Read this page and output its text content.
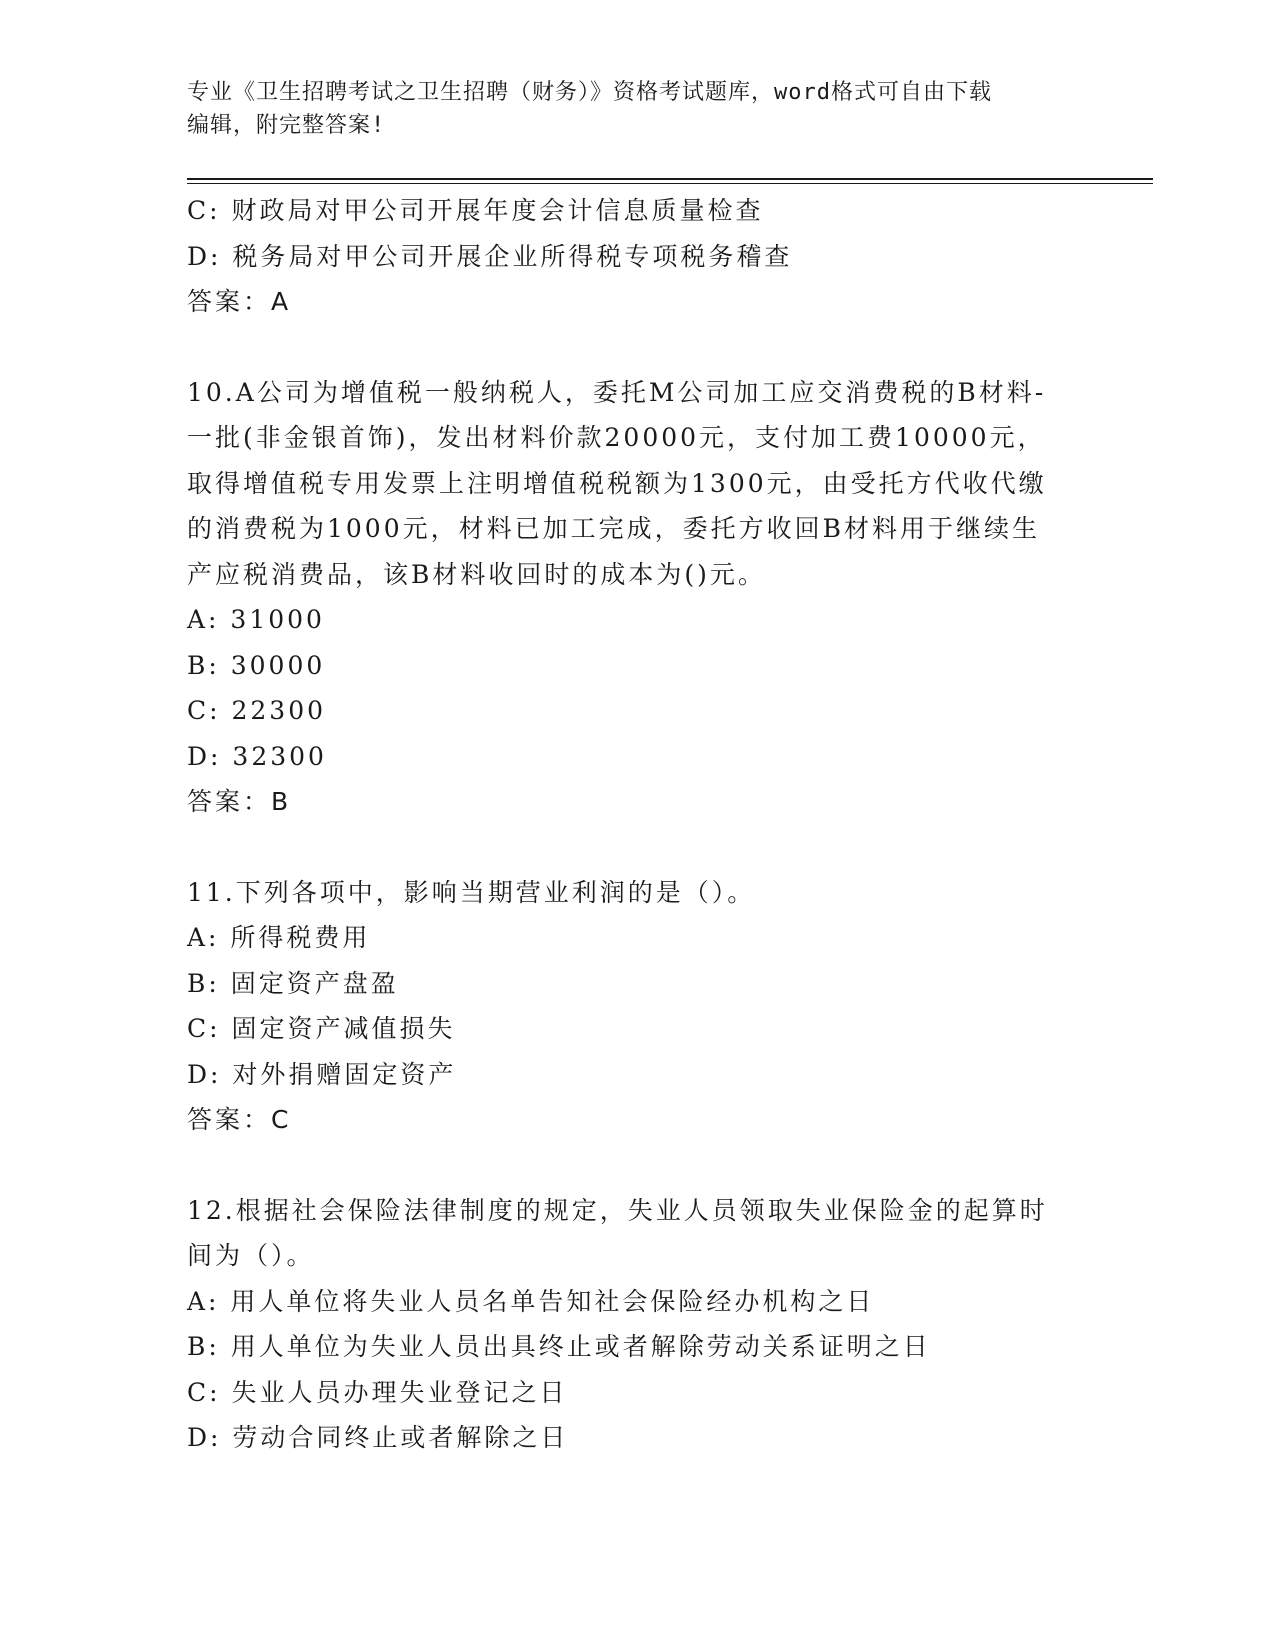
专业《卫生招聘考试之卫生招聘（财务）》资格考试题库，word格式可自由下载
编辑，附完整答案!
C: 财政局对甲公司开展年度会计信息质量检查
D: 税务局对甲公司开展企业所得税专项税务稽查
答案：A
10.A公司为增值税一般纳税人，委托M公司加工应交消费税的B材料-
一批(非金银首饰)，发出材料价款20000元，支付加工费10000元，
取得增值税专用发票上注明增值税税额为1300元，由受托方代收代缴
的消费税为1000元，材料已加工完成，委托方收回B材料用于继续生
产应税消费品，该B材料收回时的成本为()元。
A: 31000
B: 30000
C: 22300
D: 32300
答案：B
11.下列各项中，影响当期营业利润的是（）。
A: 所得税费用
B: 固定资产盘盈
C: 固定资产减值损失
D: 对外捐赠固定资产
答案：C
12.根据社会保险法律制度的规定，失业人员领取失业保险金的起算时
间为（）。
A: 用人单位将失业人员名单告知社会保险经办机构之日
B: 用人单位为失业人员出具终止或者解除劳动关系证明之日
C: 失业人员办理失业登记之日
D: 劳动合同终止或者解除之日
